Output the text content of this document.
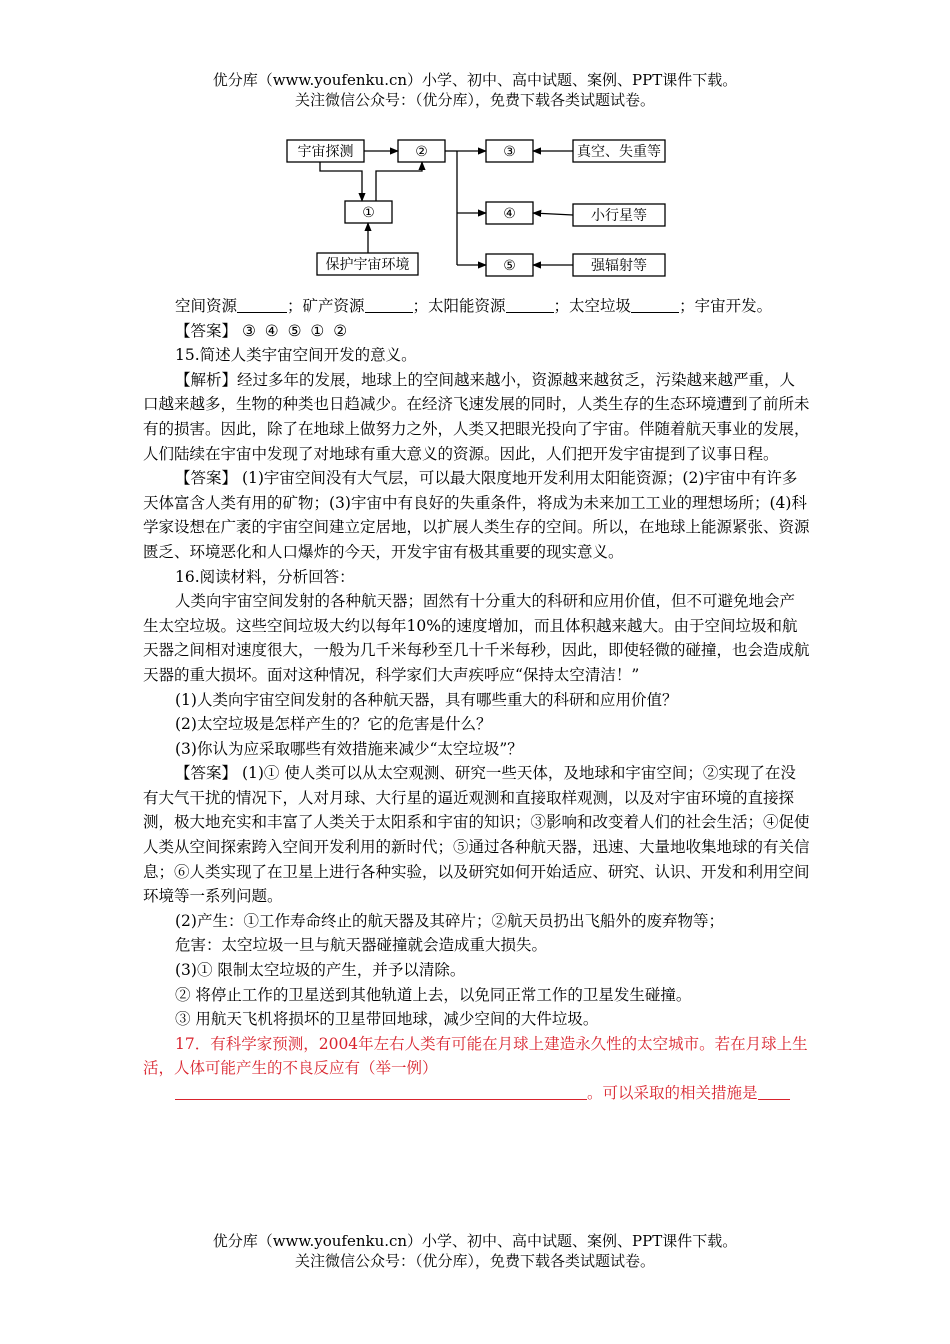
优分库（www.youfenku.cn）小学、初中、高中试题、案例、PPT课件下载。
关注微信公众号：（优分库），免费下载各类试题试卷。
宇宙探测	②
①
保护宇宙环境
③
④
⑤
真空、失重等
小行星等
强辐射等

空间资源	；矿产资源	；太阳能资源	；太空垃圾	；宇宙开发。

【答案】 ③ ④ ⑤ ① ②

15.简述人类宇宙空间开发的意义。

【解析】经过多年的发展，地球上的空间越来越小，资源越来越贫乏，污染越来越严重，人口越来越多，生物的种类也日趋减少。在经济飞速发展的同时，人类生存的生态环境遭到了前所未有的损害。因此，除了在地球上做努力之外，人类又把眼光投向了宇宙。伴随着航天事业的发展，人们陆续在宇宙中发现了对地球有重大意义的资源。因此，人们把开发宇宙提到了议事日程。

【答案】 (1)宇宙空间没有大气层，可以最大限度地开发利用太阳能资源；(2)宇宙中有许多天体富含人类有用的矿物；(3)宇宙中有良好的失重条件，将成为未来加工工业的理想场所；(4)科学家设想在广袤的宇宙空间建立定居地，以扩展人类生存的空间。所以，在地球上能源紧张、资源匮乏、环境恶化和人口爆炸的今天，开发宇宙有极其重要的现实意义。

16.阅读材料，分析回答：

人类向宇宙空间发射的各种航天器；固然有十分重大的科研和应用价值，但不可避免地会产生太空垃圾。这些空间垃圾大约以每年10%的速度增加，而且体积越来越大。由于空间垃圾和航天器之间相对速度很大，一般为几千米每秒至几十千米每秒，因此，即使轻微的碰撞，也会造成航天器的重大损坏。面对这种情况，科学家们大声疾呼应“保持太空清洁！”

(1)人类向宇宙空间发射的各种航天器，具有哪些重大的科研和应用价值？

(2)太空垃圾是怎样产生的？它的危害是什么？

(3)你认为应采取哪些有效措施来减少“太空垃圾”？

【答案】 (1)① 使人类可以从太空观测、研究一些天体，及地球和宇宙空间；②实现了在没有大气干扰的情况下，人对月球、大行星的逼近观测和直接取样观测，以及对宇宙环境的直接探测，极大地充实和丰富了人类关于太阳系和宇宙的知识；③影响和改变着人们的社会生活；④促使人类从空间探索跨入空间开发利用的新时代；⑤通过各种航天器，迅速、大量地收集地球的有关信息；⑥人类实现了在卫星上进行各种实验，以及研究如何开始适应、研究、认识、开发和利用空间环境等一系列问题。

(2)产生：①工作寿命终止的航天器及其碎片；②航天员扔出飞船外的废弃物等；

危害：太空垃圾一旦与航天器碰撞就会造成重大损失。

(3)① 限制太空垃圾的产生，并予以清除。

② 将停止工作的卫星送到其他轨道上去，以免同正常工作的卫星发生碰撞。

③ 用航天飞机将损坏的卫星带回地球，减少空间的大件垃圾。

17．有科学家预测，2004年左右人类有可能在月球上建造永久性的太空城市。若在月球上生活，人体可能产生的不良反应有（举一例）

。可以采取的相关措施是

优分库（www.youfenku.cn）小学、初中、高中试题、案例、PPT课件下载。
关注微信公众号：（优分库），免费下载各类试题试卷。
